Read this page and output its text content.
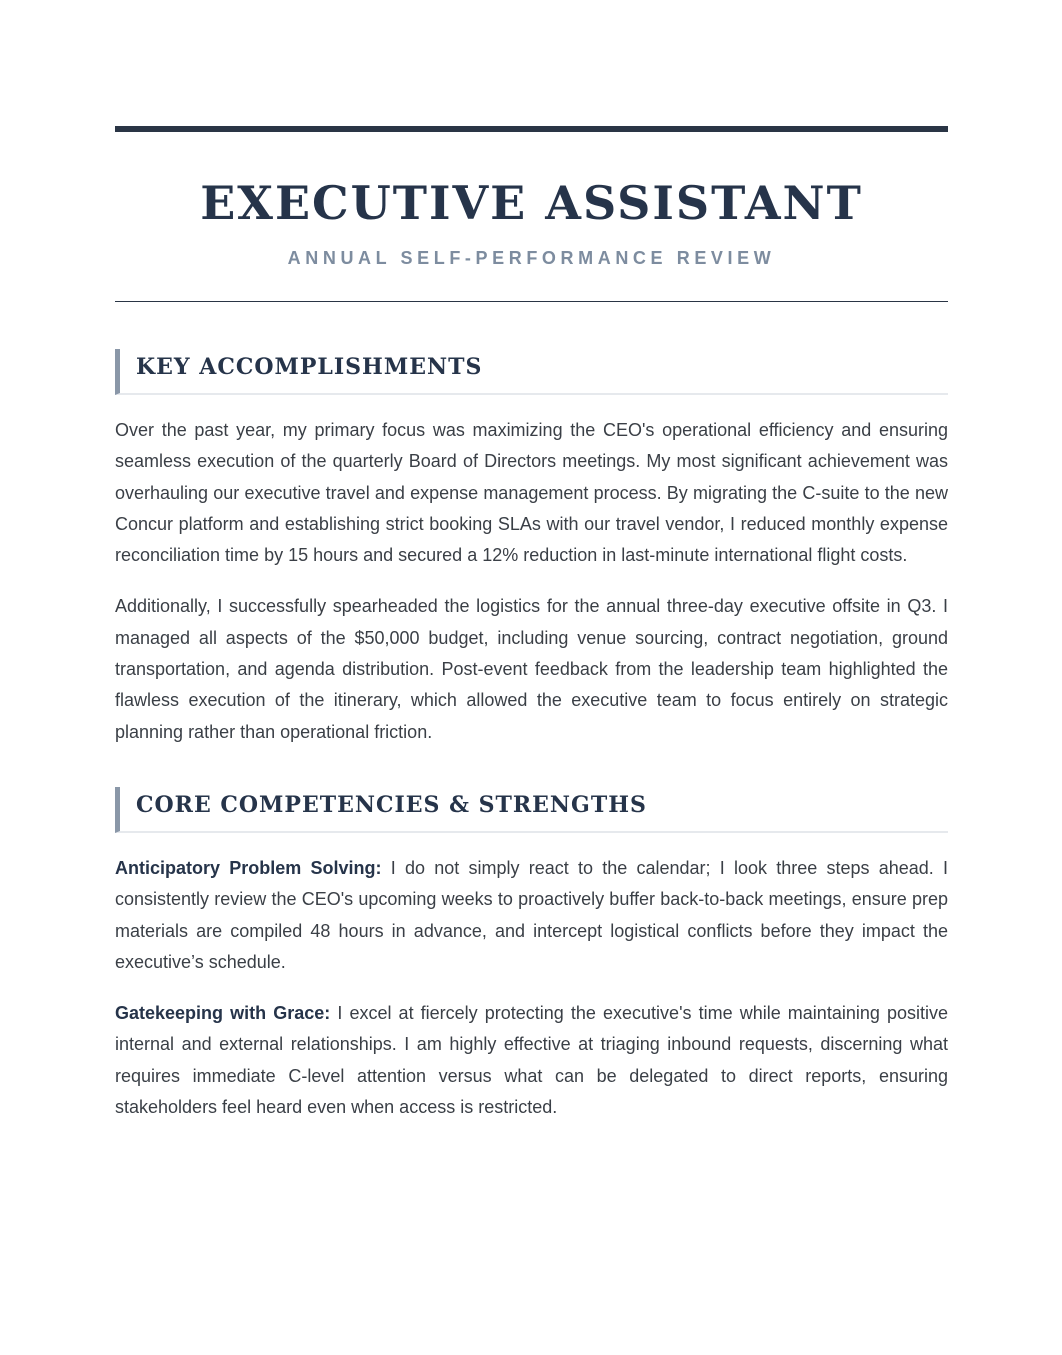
EXECUTIVE ASSISTANT
ANNUAL SELF-PERFORMANCE REVIEW
KEY ACCOMPLISHMENTS

Over the past year, my primary focus was maximizing the CEO's operational efficiency and ensuring seamless execution of the quarterly Board of Directors meetings. My most significant achievement was overhauling our executive travel and expense management process. By migrating the C-suite to the new Concur platform and establishing strict booking SLAs with our travel vendor, I reduced monthly expense reconciliation time by 15 hours and secured a 12% reduction in last-minute international flight costs.

Additionally, I successfully spearheaded the logistics for the annual three-day executive offsite in Q3. I managed all aspects of the $50,000 budget, including venue sourcing, contract negotiation, ground transportation, and agenda distribution. Post-event feedback from the leadership team highlighted the flawless execution of the itinerary, which allowed the executive team to focus entirely on strategic planning rather than operational friction.

CORE COMPETENCIES & STRENGTHS

Anticipatory Problem Solving: I do not simply react to the calendar; I look three steps ahead. I consistently review the CEO's upcoming weeks to proactively buffer back-to-back meetings, ensure prep materials are compiled 48 hours in advance, and intercept logistical conflicts before they impact the executive’s schedule.

Gatekeeping with Grace: I excel at fiercely protecting the executive's time while maintaining positive internal and external relationships. I am highly effective at triaging inbound requests, discerning what requires immediate C-level attention versus what can be delegated to direct reports, ensuring stakeholders feel heard even when access is restricted.
